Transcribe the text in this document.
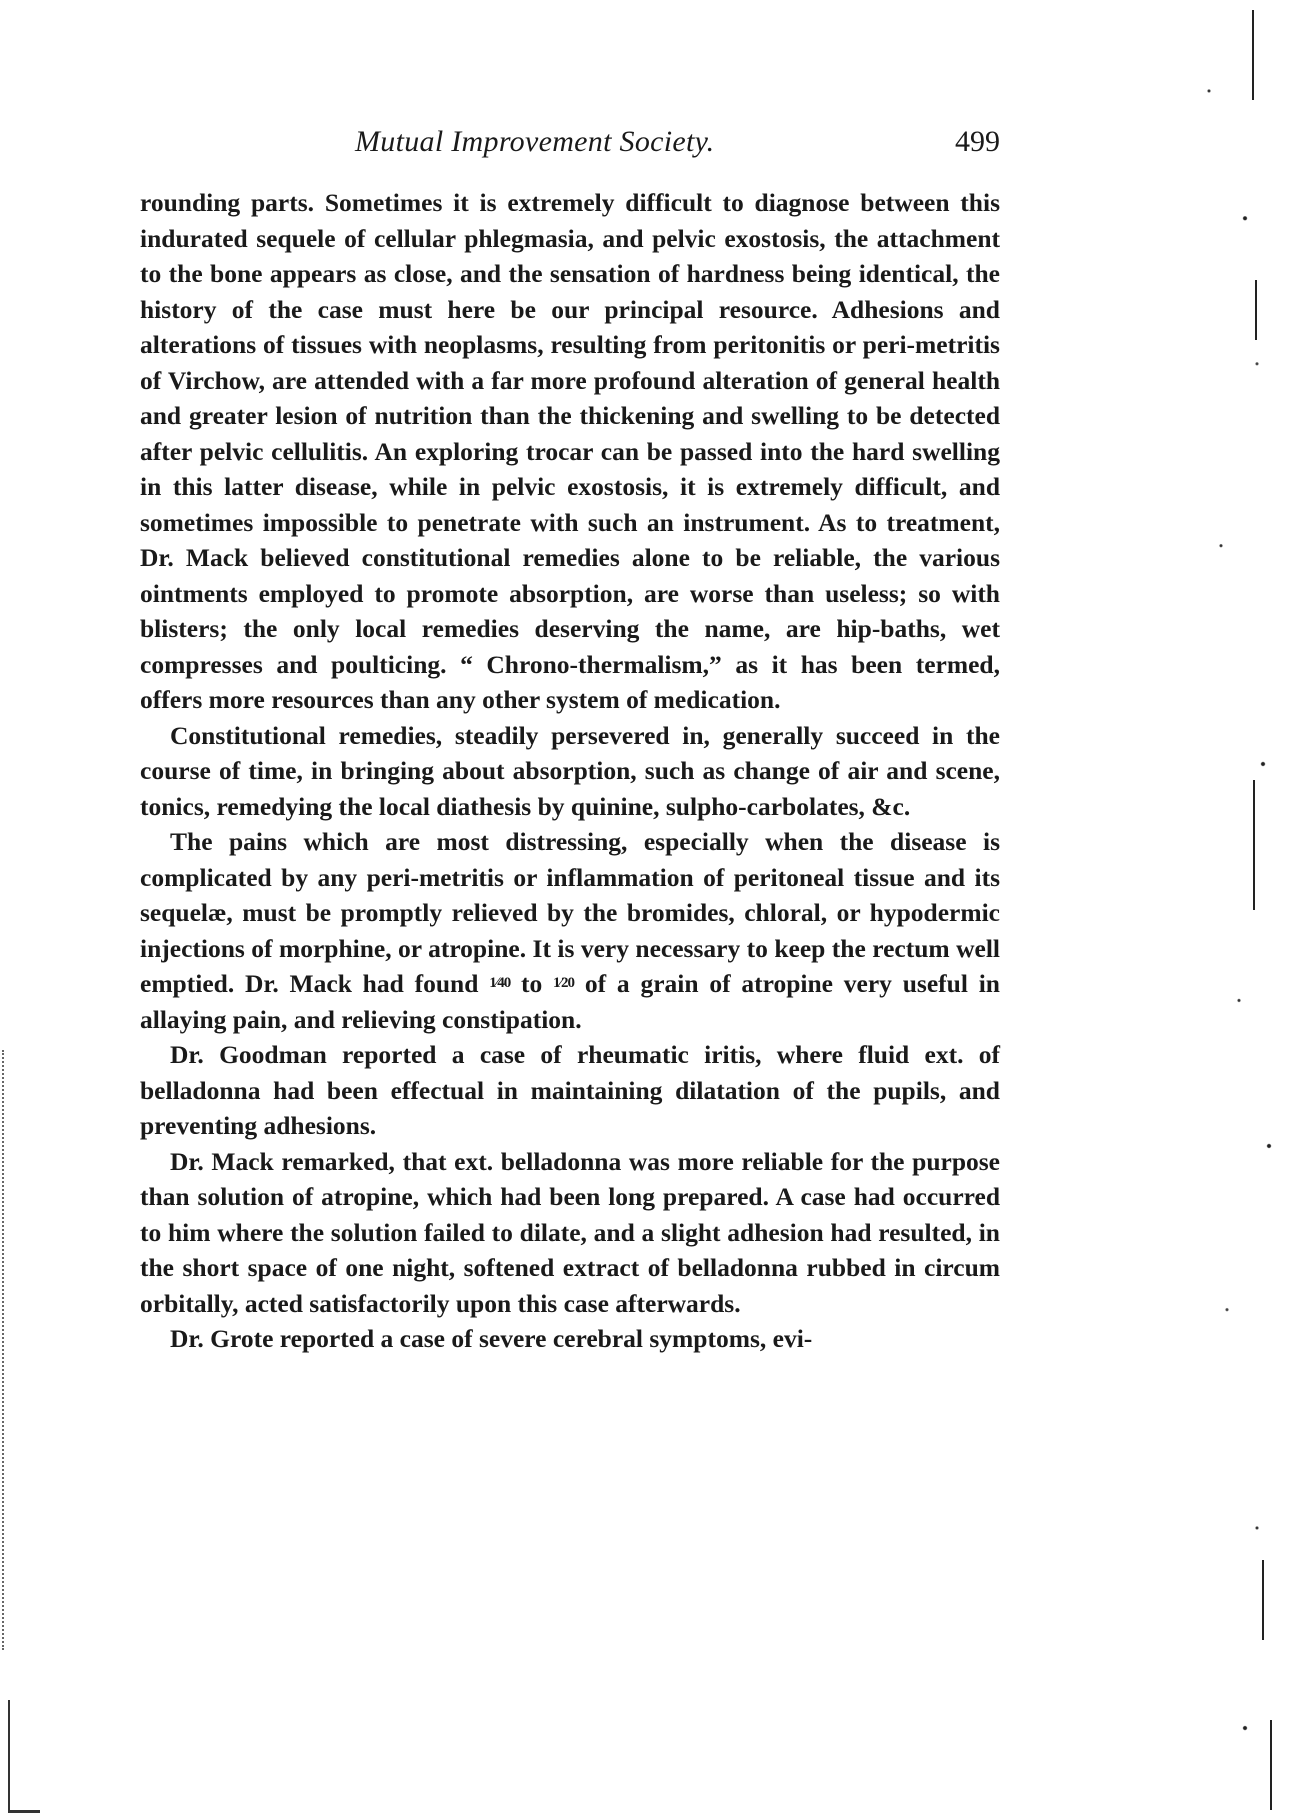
Mutual Improvement Society.	499

rounding parts. Sometimes it is extremely difficult to diagnose between this indurated sequele of cellular phlegmasia, and pelvic exostosis, the attachment to the bone appears as close, and the sensation of hardness being identical, the history of the case must here be our principal resource. Adhesions and alterations of tissues with neoplasms, resulting from peritonitis or peri-metritis of Virchow, are attended with a far more profound alteration of general health and greater lesion of nutrition than the thickening and swelling to be detected after pelvic cellulitis. An exploring trocar can be passed into the hard swelling in this latter disease, while in pelvic exostosis, it is extremely difficult, and sometimes impossible to penetrate with such an instrument. As to treatment, Dr. Mack believed constitutional remedies alone to be reliable, the various ointments employed to promote absorption, are worse than useless; so with blisters; the only local remedies deserving the name, are hip-baths, wet compresses and poulticing. “ Chrono-thermalism,” as it has been termed, offers more resources than any other system of medication.

Constitutional remedies, steadily persevered in, generally succeed in the course of time, in bringing about absorption, such as change of air and scene, tonics, remedying the local diathesis by quinine, sulpho-carbolates, &c.

The pains which are most distressing, especially when the disease is complicated by any peri-metritis or inflammation of peritoneal tissue and its sequelæ, must be promptly relieved by the bromides, chloral, or hypodermic injections of morphine, or atropine. It is very necessary to keep the rectum well emptied. Dr. Mack had found 1⁄40 to 1⁄20 of a grain of atropine very useful in allaying pain, and relieving constipation.

Dr. Goodman reported a case of rheumatic iritis, where fluid ext. of belladonna had been effectual in maintaining dilatation of the pupils, and preventing adhesions.

Dr. Mack remarked, that ext. belladonna was more reliable for the purpose than solution of atropine, which had been long prepared. A case had occurred to him where the solution failed to dilate, and a slight adhesion had resulted, in the short space of one night, softened extract of belladonna rubbed in circum orbitally, acted satisfactorily upon this case afterwards.

Dr. Grote reported a case of severe cerebral symptoms, evi-
